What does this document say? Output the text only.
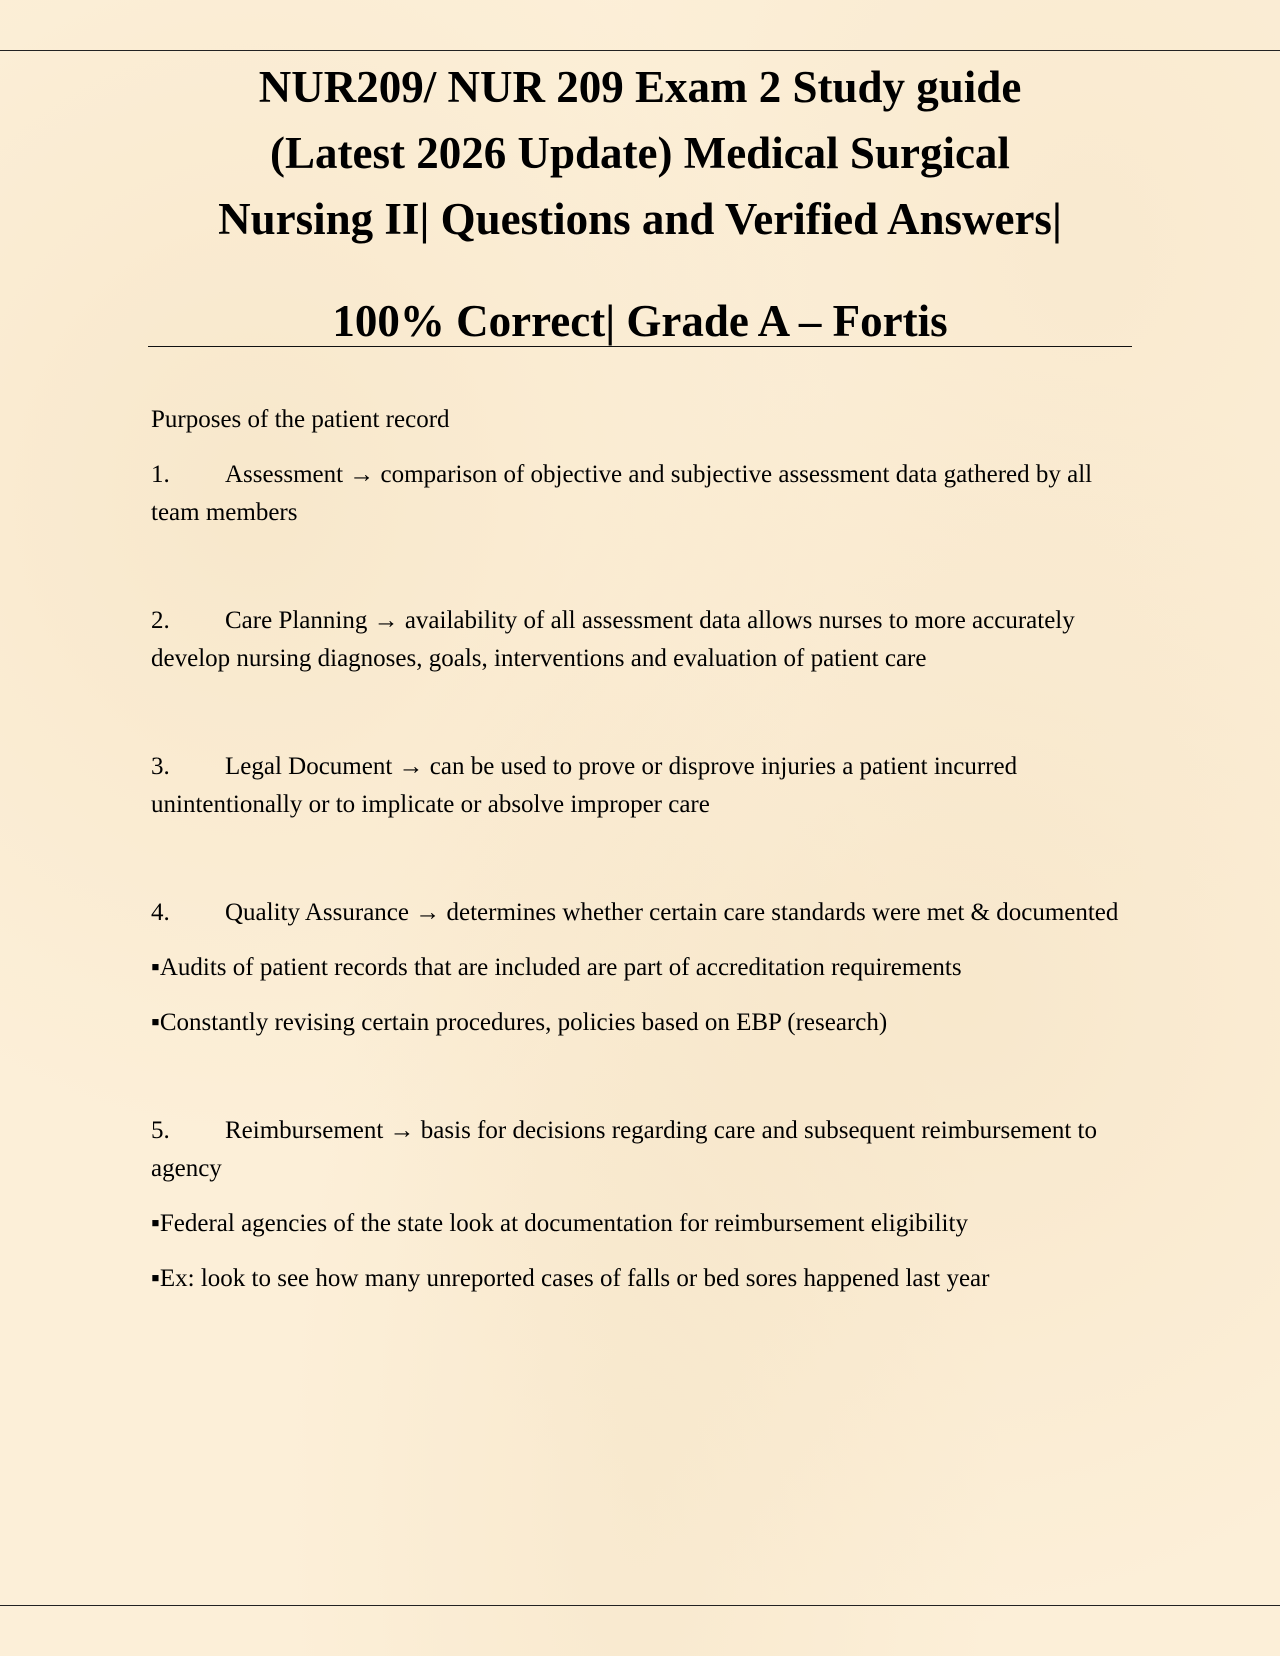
NUR209/ NUR 209 Exam 2 Study guide
(Latest 2026 Update) Medical Surgical
Nursing II| Questions and Verified Answers|
100% Correct| Grade A – Fortis

Purposes of the patient record

1. Assessment → comparison of objective and subjective assessment data gathered by all team members

2. Care Planning → availability of all assessment data allows nurses to more accurately develop nursing diagnoses, goals, interventions and evaluation of patient care

3. Legal Document → can be used to prove or disprove injuries a patient incurred unintentionally or to implicate or absolve improper care

4. Quality Assurance → determines whether certain care standards were met & documented

▪Audits of patient records that are included are part of accreditation requirements

▪Constantly revising certain procedures, policies based on EBP (research)

5. Reimbursement → basis for decisions regarding care and subsequent reimbursement to agency

▪Federal agencies of the state look at documentation for reimbursement eligibility

▪Ex: look to see how many unreported cases of falls or bed sores happened last year
